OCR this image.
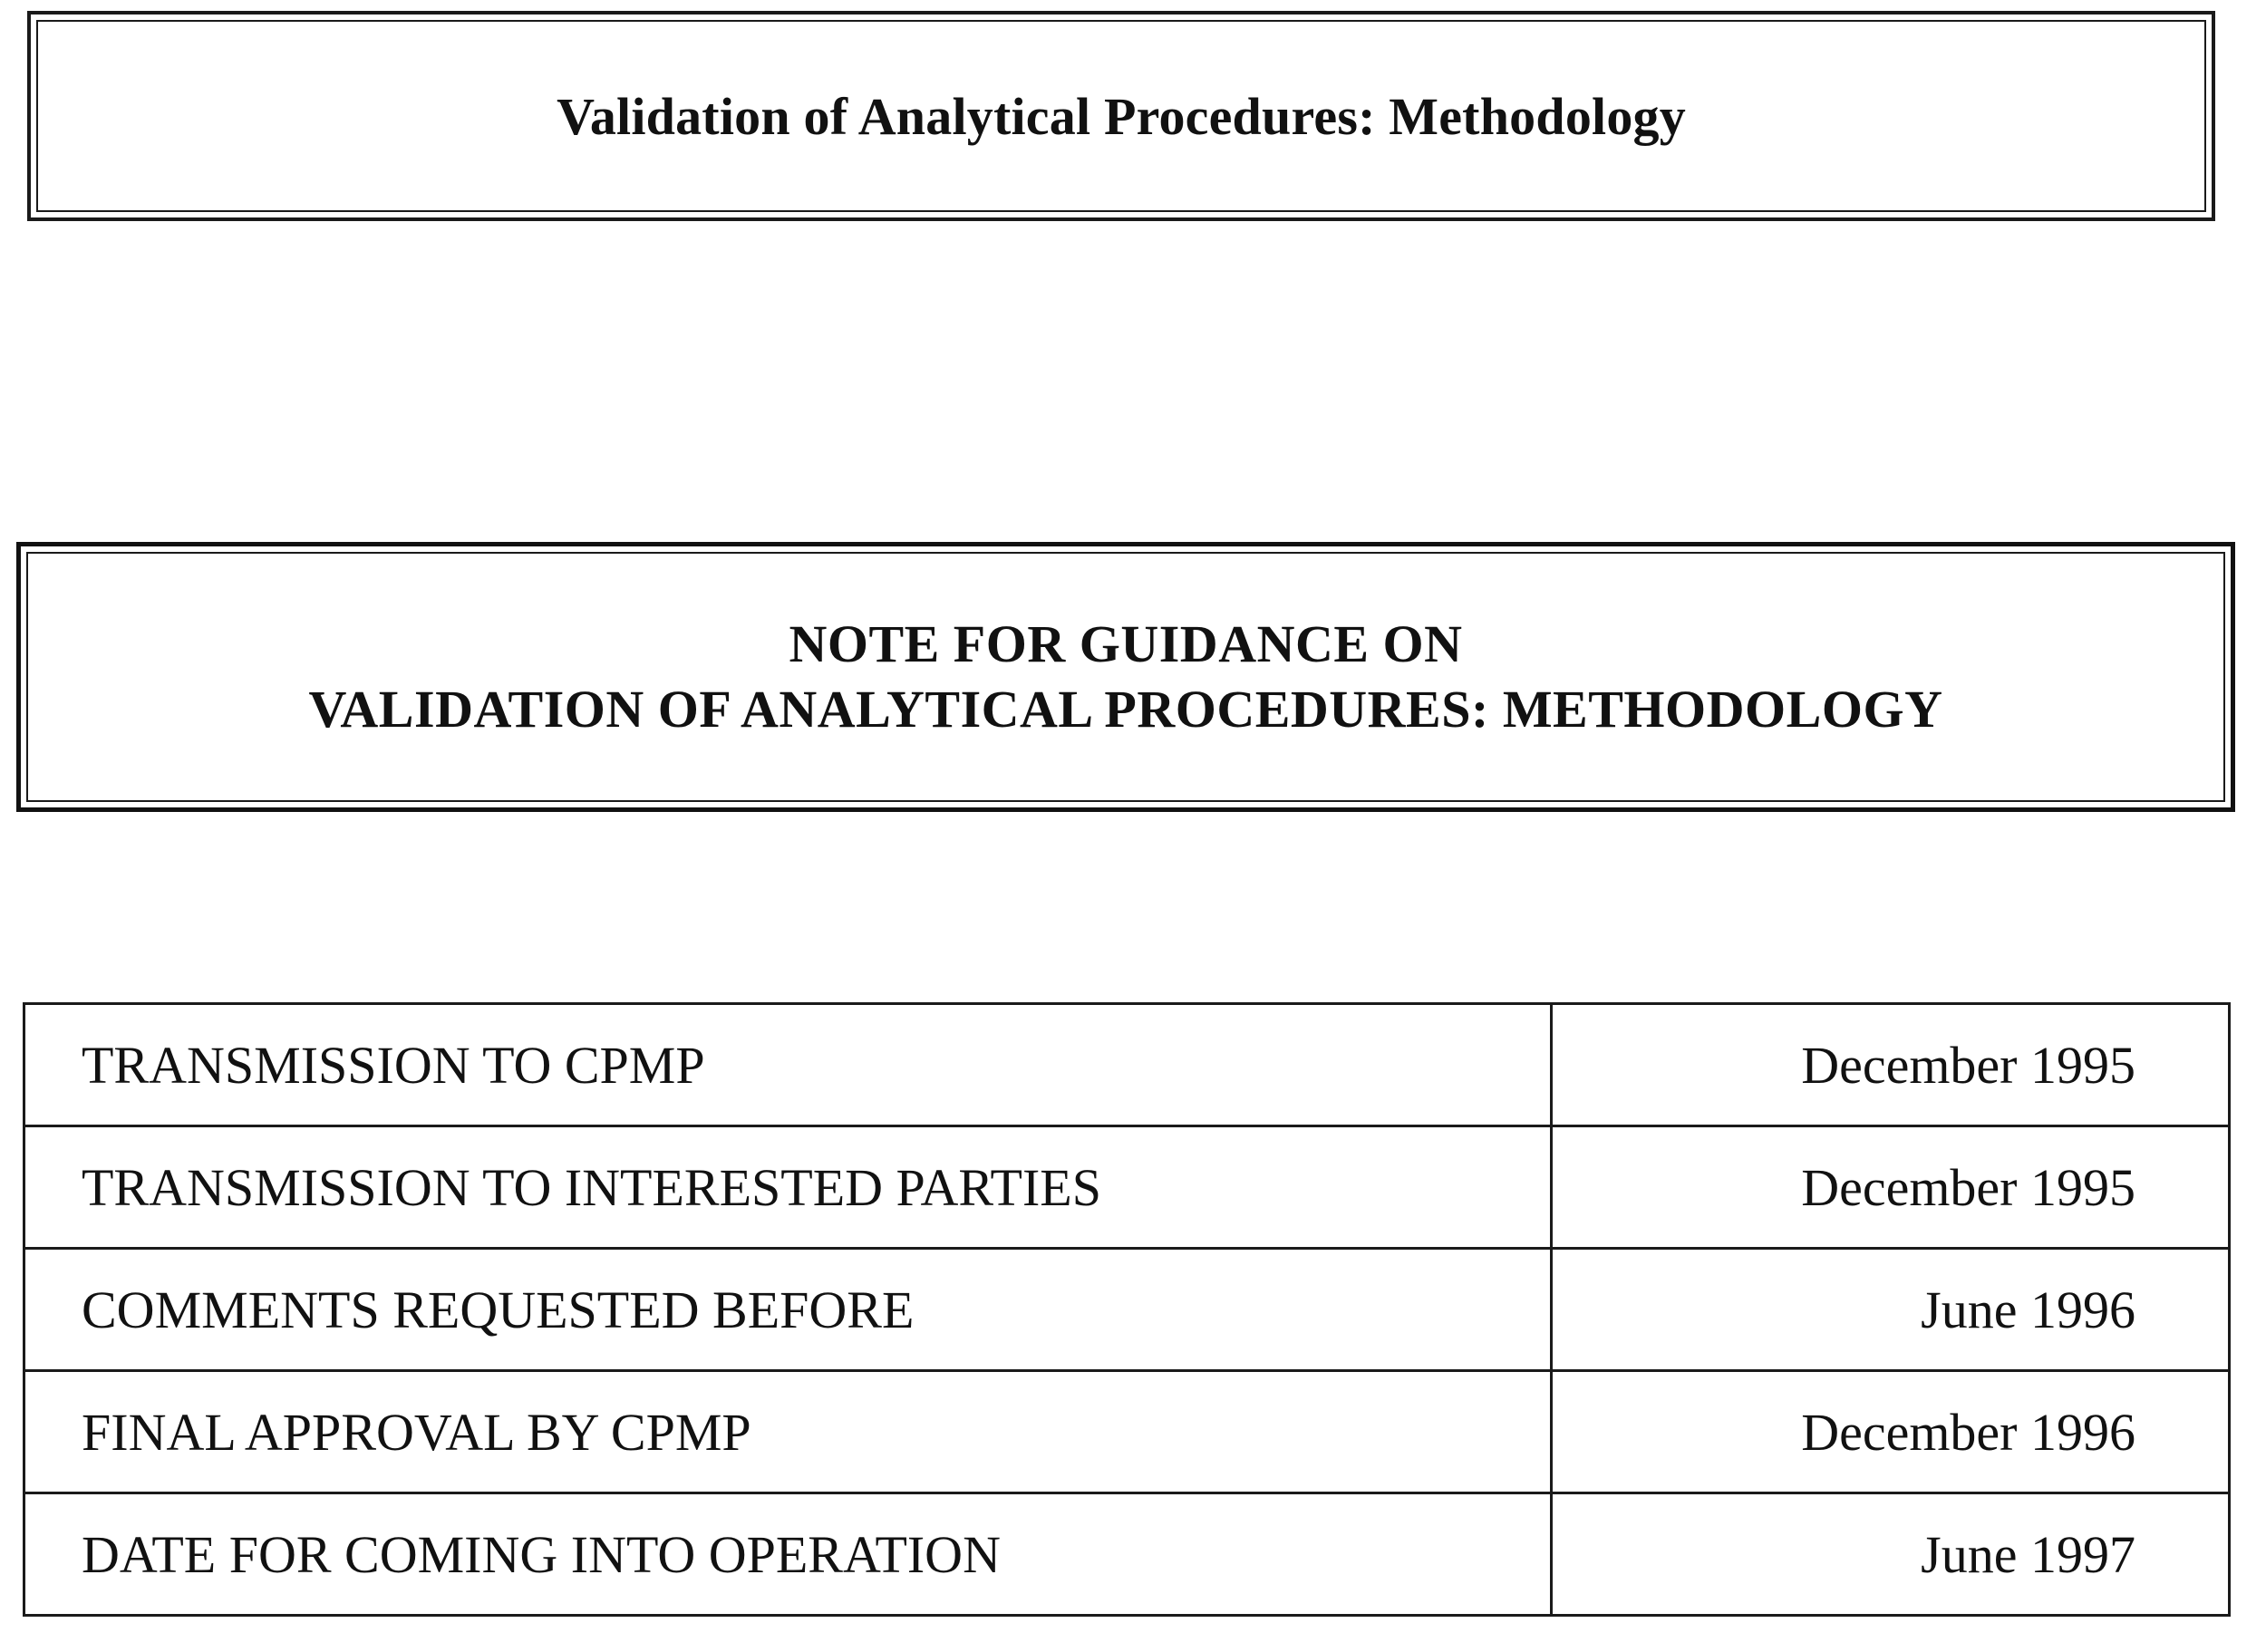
Validation of Analytical Procedures: Methodology
NOTE FOR GUIDANCE ON
VALIDATION OF ANALYTICAL PROCEDURES: METHODOLOGY
TRANSMISSION TO CPMP	December 1995
TRANSMISSION TO INTERESTED PARTIES	December 1995
COMMENTS REQUESTED BEFORE	June 1996
FINAL APPROVAL BY CPMP	December 1996
DATE FOR COMING INTO OPERATION	June 1997
